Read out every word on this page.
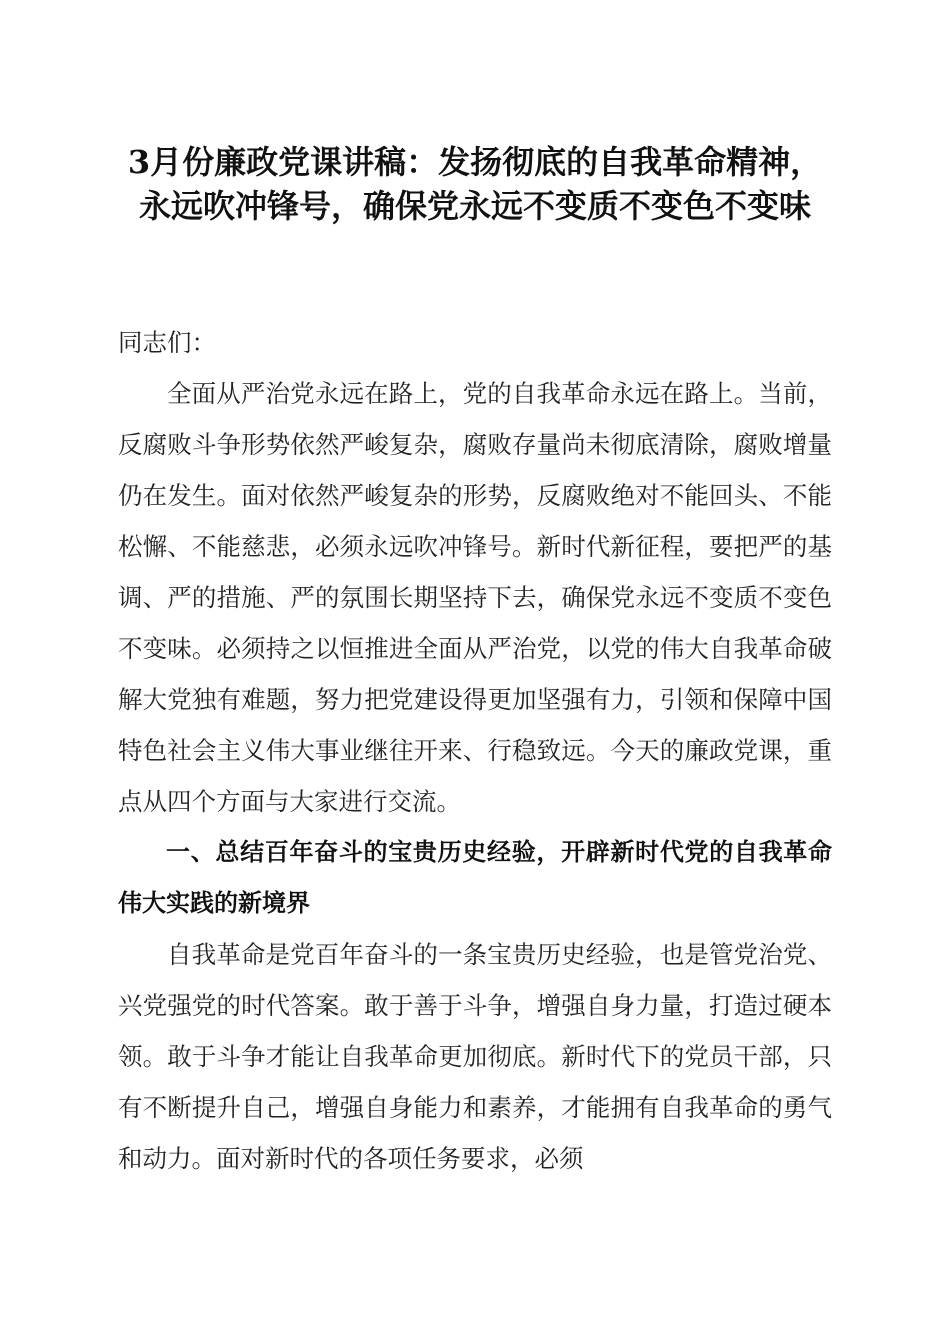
3月份廉政党课讲稿：发扬彻底的自我革命精神，永远吹冲锋号，确保党永远不变质不变色不变味

同志们：

全面从严治党永远在路上，党的自我革命永远在路上。当前，反腐败斗争形势依然严峻复杂，腐败存量尚未彻底清除，腐败增量仍在发生。面对依然严峻复杂的形势，反腐败绝对不能回头、不能松懈、不能慈悲，必须永远吹冲锋号。新时代新征程，要把严的基调、严的措施、严的氛围长期坚持下去，确保党永远不变质不变色不变味。必须持之以恒推进全面从严治党，以党的伟大自我革命破解大党独有难题，努力把党建设得更加坚强有力，引领和保障中国特色社会主义伟大事业继往开来、行稳致远。今天的廉政党课，重点从四个方面与大家进行交流。

一、总结百年奋斗的宝贵历史经验，开辟新时代党的自我革命伟大实践的新境界

自我革命是党百年奋斗的一条宝贵历史经验，也是管党治党、兴党强党的时代答案。敢于善于斗争，增强自身力量，打造过硬本领。敢于斗争才能让自我革命更加彻底。新时代下的党员干部，只有不断提升自己，增强自身能力和素养，才能拥有自我革命的勇气和动力。面对新时代的各项任务要求，必须
